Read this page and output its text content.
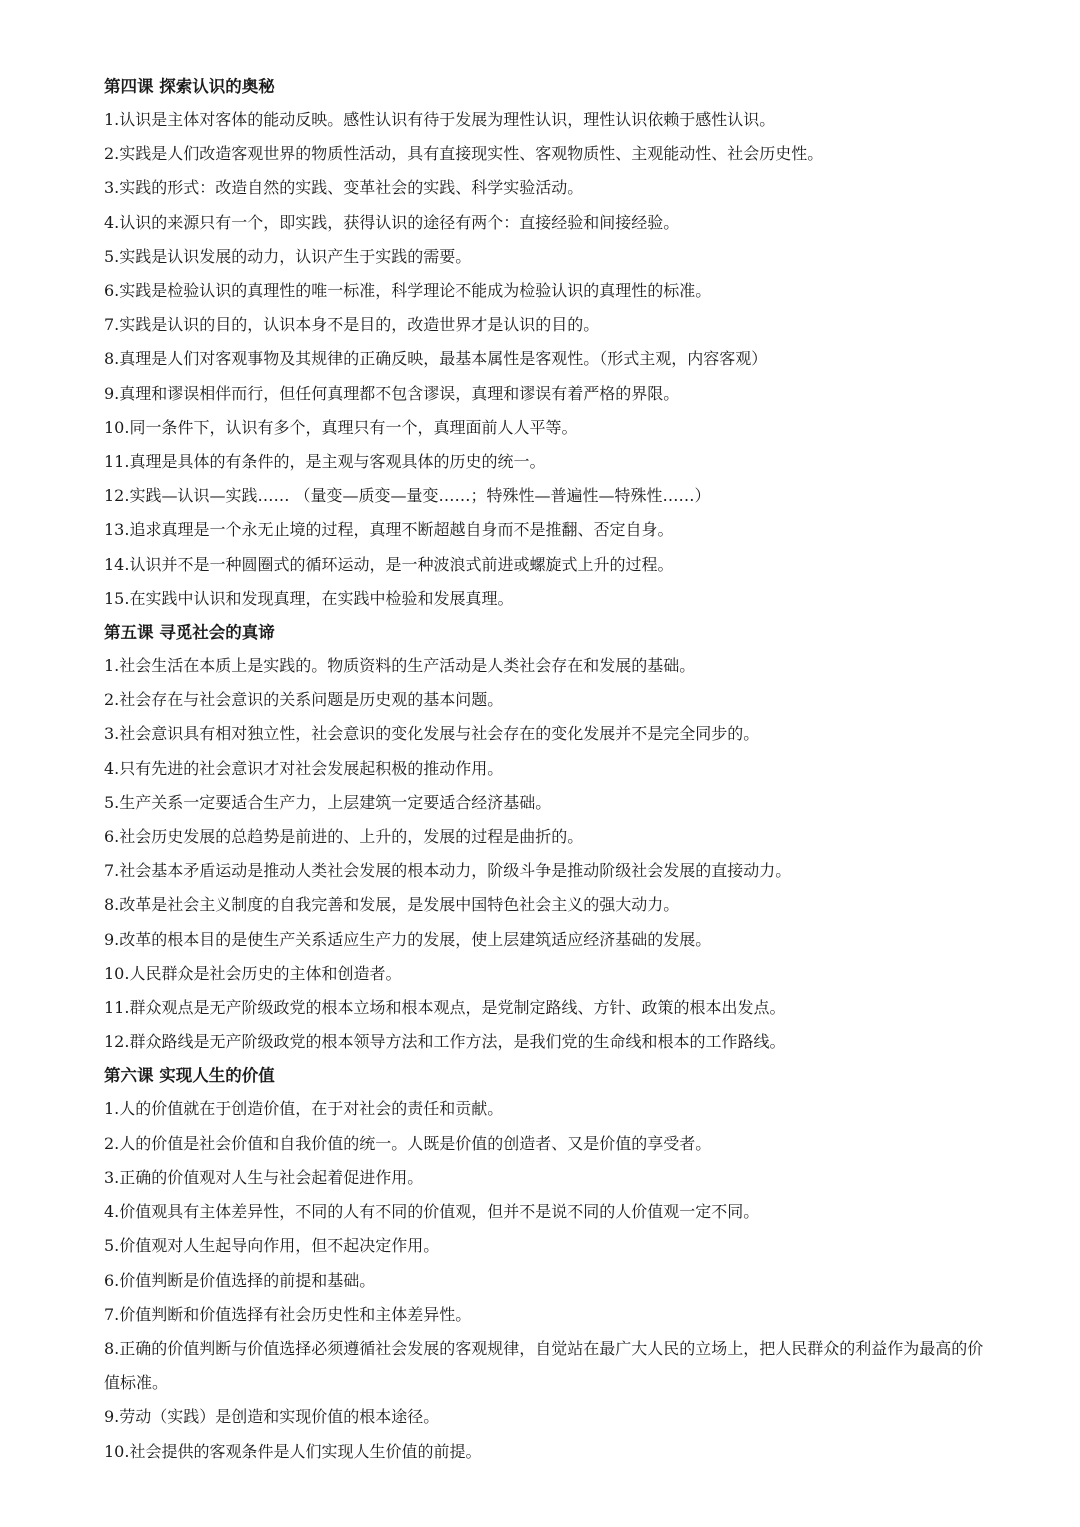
第四课 探索认识的奥秘
1.认识是主体对客体的能动反映。感性认识有待于发展为理性认识，理性认识依赖于感性认识。
2.实践是人们改造客观世界的物质性活动，具有直接现实性、客观物质性、主观能动性、社会历史性。
3.实践的形式：改造自然的实践、变革社会的实践、科学实验活动。
4.认识的来源只有一个，即实践，获得认识的途径有两个：直接经验和间接经验。
5.实践是认识发展的动力，认识产生于实践的需要。
6.实践是检验认识的真理性的唯一标准，科学理论不能成为检验认识的真理性的标准。
7.实践是认识的目的，认识本身不是目的，改造世界才是认识的目的。
8.真理是人们对客观事物及其规律的正确反映，最基本属性是客观性。（形式主观，内容客观）
9.真理和谬误相伴而行，但任何真理都不包含谬误，真理和谬误有着严格的界限。
10.同一条件下，认识有多个，真理只有一个，真理面前人人平等。
11.真理是具体的有条件的，是主观与客观具体的历史的统一。
12.实践—认识—实践…… （量变—质变—量变……；特殊性—普遍性—特殊性……）
13.追求真理是一个永无止境的过程，真理不断超越自身而不是推翻、否定自身。
14.认识并不是一种圆圈式的循环运动，是一种波浪式前进或螺旋式上升的过程。
15.在实践中认识和发现真理，在实践中检验和发展真理。
第五课 寻觅社会的真谛
1.社会生活在本质上是实践的。物质资料的生产活动是人类社会存在和发展的基础。
2.社会存在与社会意识的关系问题是历史观的基本问题。
3.社会意识具有相对独立性，社会意识的变化发展与社会存在的变化发展并不是完全同步的。
4.只有先进的社会意识才对社会发展起积极的推动作用。
5.生产关系一定要适合生产力，上层建筑一定要适合经济基础。
6.社会历史发展的总趋势是前进的、上升的，发展的过程是曲折的。
7.社会基本矛盾运动是推动人类社会发展的根本动力，阶级斗争是推动阶级社会发展的直接动力。
8.改革是社会主义制度的自我完善和发展，是发展中国特色社会主义的强大动力。
9.改革的根本目的是使生产关系适应生产力的发展，使上层建筑适应经济基础的发展。
10.人民群众是社会历史的主体和创造者。
11.群众观点是无产阶级政党的根本立场和根本观点，是党制定路线、方针、政策的根本出发点。
12.群众路线是无产阶级政党的根本领导方法和工作方法，是我们党的生命线和根本的工作路线。
第六课 实现人生的价值
1.人的价值就在于创造价值，在于对社会的责任和贡献。
2.人的价值是社会价值和自我价值的统一。人既是价值的创造者、又是价值的享受者。
3.正确的价值观对人生与社会起着促进作用。
4.价值观具有主体差异性，不同的人有不同的价值观，但并不是说不同的人价值观一定不同。
5.价值观对人生起导向作用，但不起决定作用。
6.价值判断是价值选择的前提和基础。
7.价值判断和价值选择有社会历史性和主体差异性。
8.正确的价值判断与价值选择必须遵循社会发展的客观规律，自觉站在最广大人民的立场上，把人民群众的利益作为最高的价值标准。
9.劳动（实践）是创造和实现价值的根本途径。
10.社会提供的客观条件是人们实现人生价值的前提。
